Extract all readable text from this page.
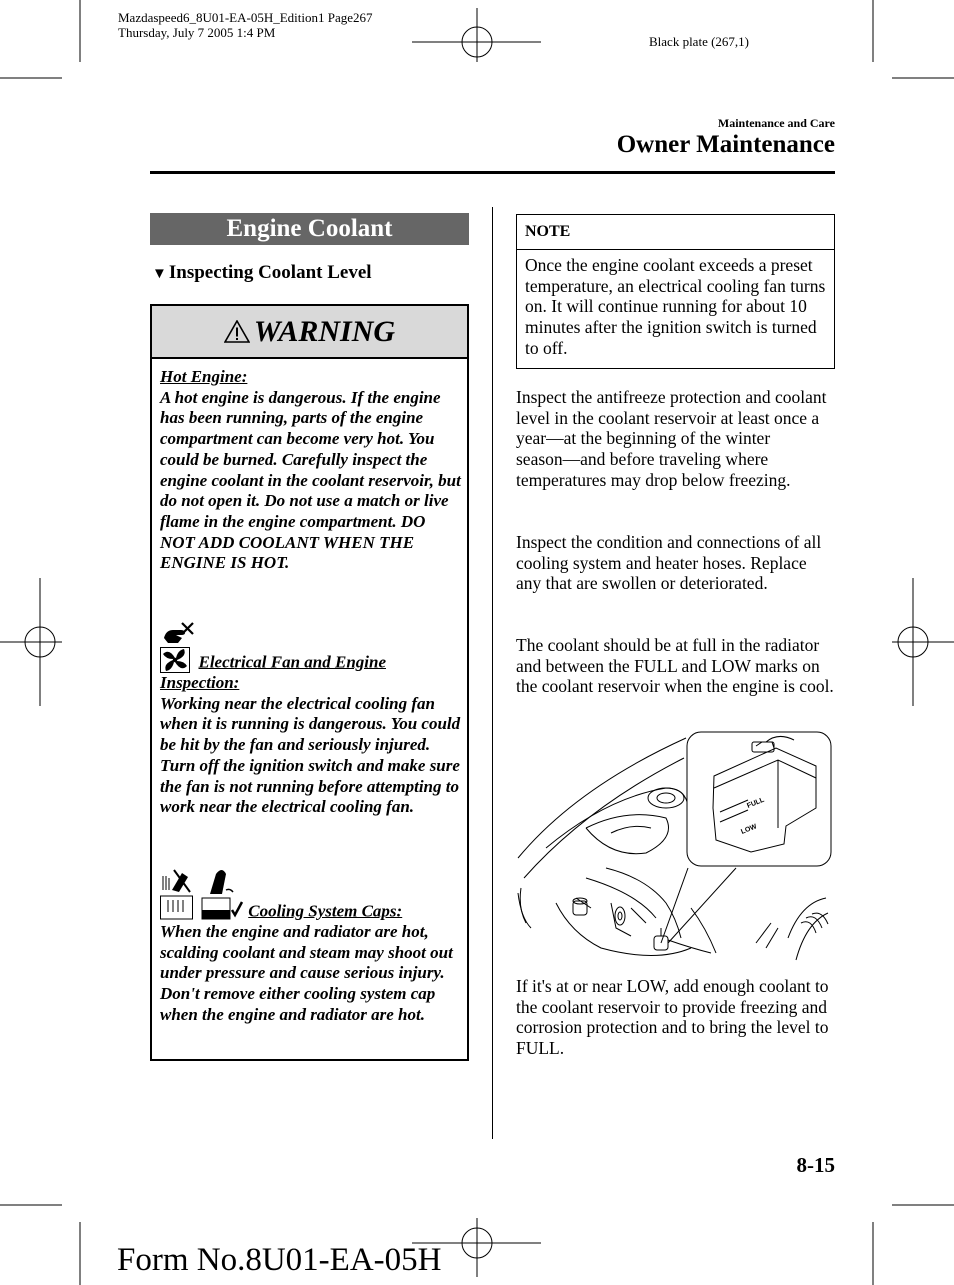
Mazdaspeed6_8U01-EA-05H_Edition1 Page267
Thursday, July 7 2005 1:4 PM
Black plate (267,1)
Maintenance and Care
Owner Maintenance
Engine Coolant
▼ Inspecting Coolant Level
WARNING
Hot Engine:
A hot engine is dangerous. If the engine has been running, parts of the engine compartment can become very hot. You could be burned. Carefully inspect the engine coolant in the coolant reservoir, but do not open it. Do not use a match or live flame in the engine compartment. DO NOT ADD COOLANT WHEN THE ENGINE IS HOT.
Electrical Fan and Engine Inspection:
Working near the electrical cooling fan when it is running is dangerous. You could be hit by the fan and seriously injured. Turn off the ignition switch and make sure the fan is not running before attempting to work near the electrical cooling fan.
Cooling System Caps:
When the engine and radiator are hot, scalding coolant and steam may shoot out under pressure and cause serious injury. Don't remove either cooling system cap when the engine and radiator are hot.
NOTE
Once the engine coolant exceeds a preset temperature, an electrical cooling fan turns on. It will continue running for about 10 minutes after the ignition switch is turned to off.
Inspect the antifreeze protection and coolant level in the coolant reservoir at least once a year―at the beginning of the winter season―and before traveling where temperatures may drop below freezing.
Inspect the condition and connections of all cooling system and heater hoses. Replace any that are swollen or deteriorated.
The coolant should be at full in the radiator and between the FULL and LOW marks on the coolant reservoir when the engine is cool.
FULL
LOW
If it's at or near LOW, add enough coolant to the coolant reservoir to provide freezing and corrosion protection and to bring the level to FULL.
8-15
Form No.8U01-EA-05H
